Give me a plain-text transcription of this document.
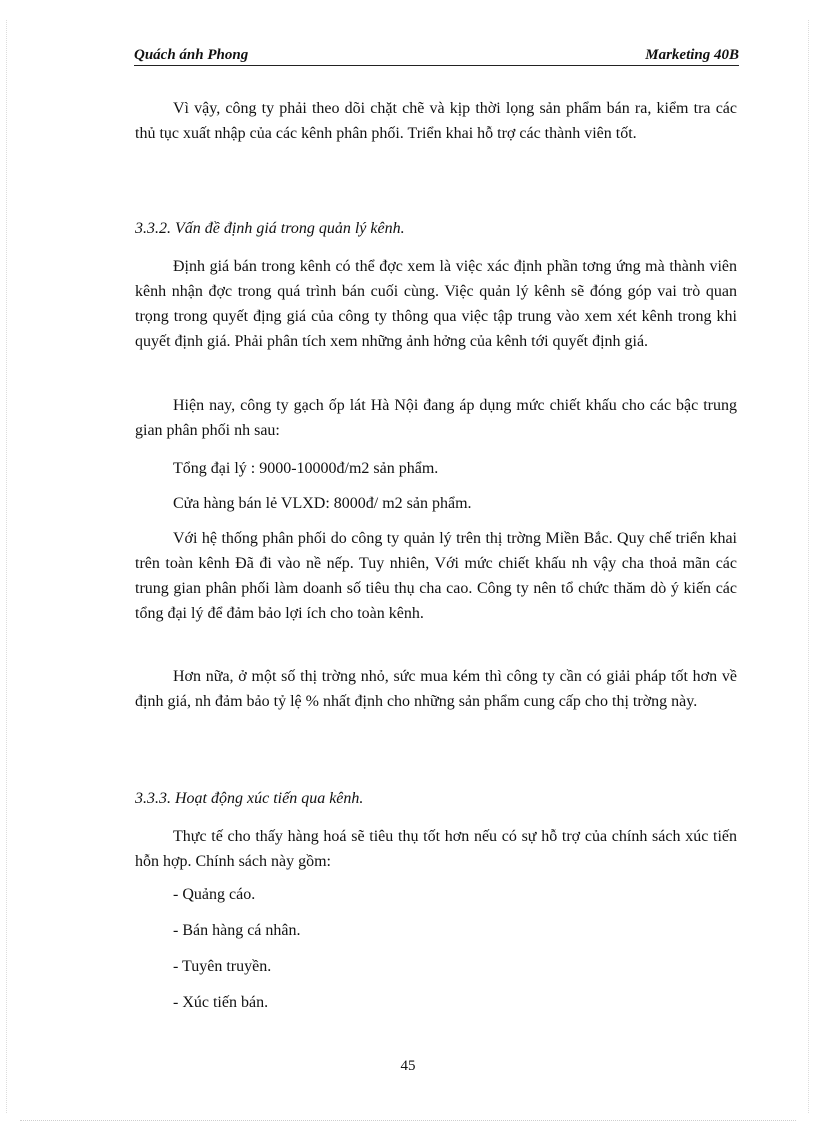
Quách ánh Phong	Marketing 40B
Vì vậy, công ty phải theo dõi chặt chẽ và kịp thời lọng sản phẩm bán ra, kiểm tra các thủ tục xuất nhập của các kênh phân phối. Triển khai hỗ trợ các thành viên tốt.
3.3.2. Vấn đề định giá trong quản lý kênh.
Định giá bán trong kênh có thể đợc xem là việc xác định phần tơng ứng mà thành viên kênh nhận đợc trong quá trình bán cuối cùng. Việc quản lý kênh sẽ đóng góp vai trò quan trọng trong quyết địng giá của công ty thông qua việc tập trung vào xem xét kênh trong khi quyết định giá. Phải phân tích xem những ảnh hởng của kênh tới quyết định giá.
Hiện nay, công ty gạch ốp lát Hà Nội đang áp dụng mức chiết khấu cho các bậc trung gian phân phối nh sau:
Tổng đại lý : 9000-10000đ/m2 sản phẩm.
Cửa hàng bán lẻ VLXD: 8000đ/ m2 sản phẩm.
Với hệ thống phân phối do công ty quản lý trên thị trờng Miền Bắc. Quy chế triển khai trên toàn kênh Đã đi vào nề nếp. Tuy nhiên, Với mức chiết khấu nh vậy cha thoả mãn các trung gian phân phối làm doanh số tiêu thụ cha cao. Công ty nên tổ chức thăm dò ý kiến các tổng đại lý để đảm bảo lợi ích cho toàn kênh.
Hơn nữa, ở một số thị trờng nhỏ, sức mua kém thì công ty cần có giải pháp tốt hơn về định giá, nh đảm bảo tỷ lệ % nhất định cho những sản phẩm cung cấp cho thị trờng này.
3.3.3. Hoạt động xúc tiến qua kênh.
Thực tế cho thấy hàng hoá sẽ tiêu thụ tốt hơn nếu có sự hỗ trợ của chính sách xúc tiến hỗn hợp. Chính sách này gồm:
- Quảng cáo.
- Bán hàng cá nhân.
- Tuyên truyền.
- Xúc tiến bán.
45
